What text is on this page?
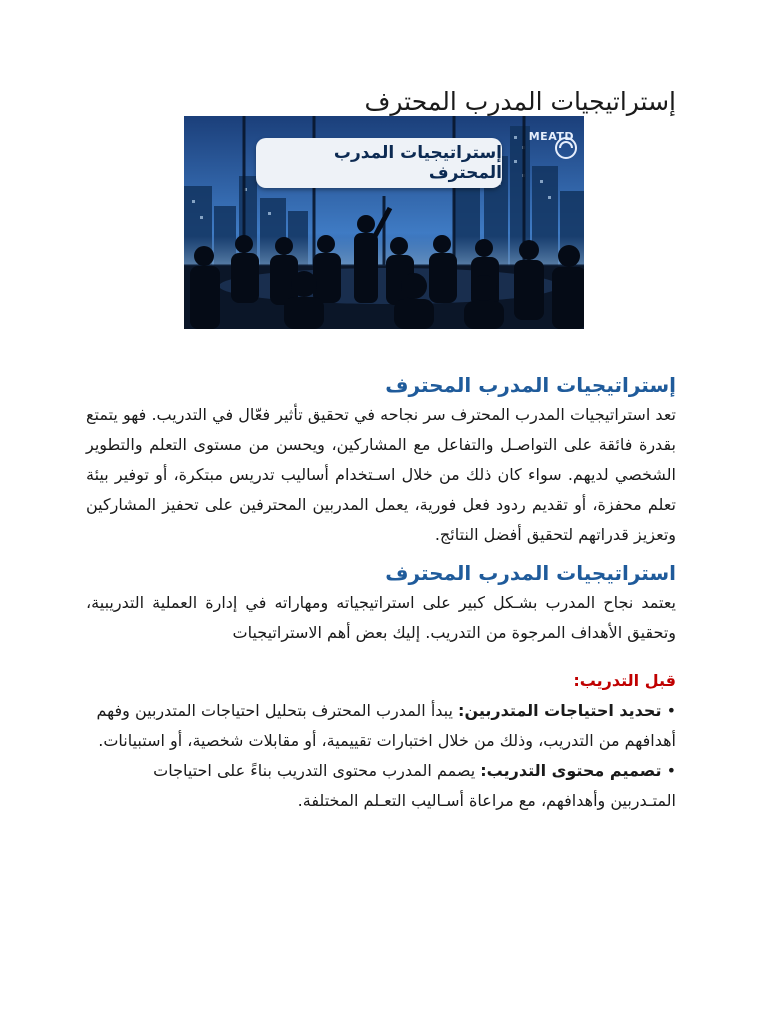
إستراتيجيات المدرب المحترف
إستراتيجيات المدرب المحترف
MEATD
إستراتيجيات المدرب المحترف

تعد استراتيجيات المدرب المحترف سر نجاحه في تحقيق تأثير فعّال في التدريب. فهو يتمتع بقدرة فائقة على التواصـل والتفاعل مع المشاركين، ويحسن من مستوى التعلم والتطوير الشخصي لديهم. سواء كان ذلك من خلال اسـتخدام أساليب تدريس مبتكرة، أو توفير بيئة تعلم محفزة، أو تقديم ردود فعل فورية، يعمل المدربين المحترفين على تحفيز المشاركين وتعزيز قدراتهم لتحقيق أفضل النتائج.

استراتيجيات المدرب المحترف

يعتمد نجاح المدرب بشـكل كبير على استراتيجياته ومهاراته في إدارة العملية التدريبية، وتحقيق الأهداف المرجوة من التدريب. إليك بعض أهم الاستراتيجيات

قبل التدريب:

• تحديد احتياجات المتدربين: يبدأ المدرب المحترف بتحليل احتياجات المتدربين وفهم أهدافهم من التدريب، وذلك من خلال اختبارات تقييمية، أو مقابلات شخصية، أو استبيانات.

• تصميم محتوى التدريب: يصمم المدرب محتوى التدريب بناءً على احتياجات المتـدربين وأهدافهم، مع مراعاة أسـاليب التعـلم المختلفة.
